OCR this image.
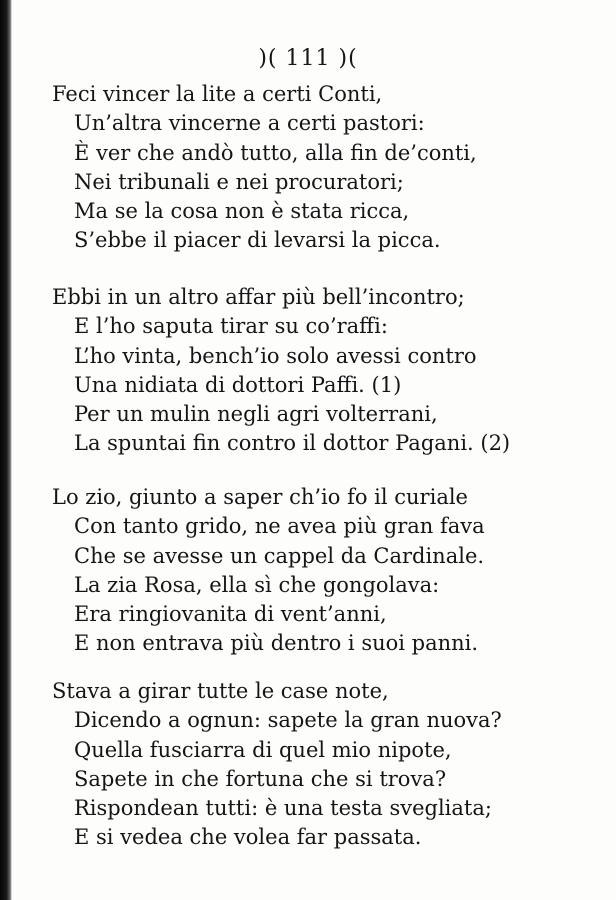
)( 111 )(
Feci vincer la lite a certi Conti,
Un’altra vincerne a certi pastori:
È ver che andò tutto, alla fin de’conti,
Nei tribunali e nei procuratori;
Ma se la cosa non è stata ricca,
S’ebbe il piacer di levarsi la picca.
Ebbi in un altro affar più bell’incontro;
E l’ho saputa tirar su co’raffi:
L’ho vinta, bench’io solo avessi contro
Una nidiata di dottori Paffi. (1)
Per un mulin negli agri volterrani,
La spuntai fin contro il dottor Pagani. (2)
Lo zio, giunto a saper ch’io fo il curiale
Con tanto grido, ne avea più gran fava
Che se avesse un cappel da Cardinale.
La zia Rosa, ella sì che gongolava:
Era ringiovanita di vent’anni,
E non entrava più dentro i suoi panni.
Stava a girar tutte le case note,
Dicendo a ognun: sapete la gran nuova?
Quella fusciarra di quel mio nipote,
Sapete in che fortuna che si trova?
Rispondean tutti: è una testa svegliata;
E si vedea che volea far passata.
